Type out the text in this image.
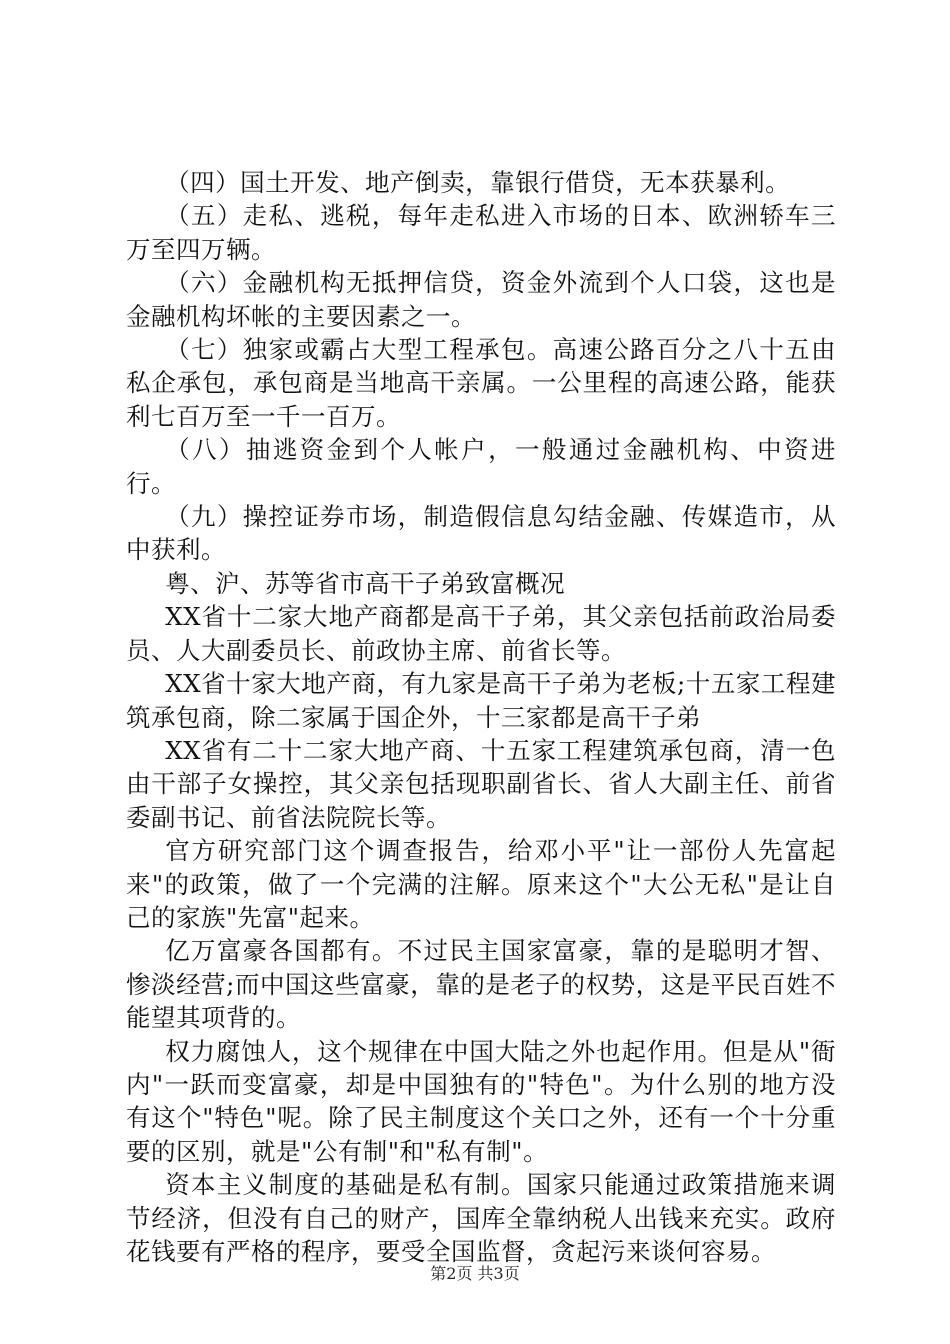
（四）国土开发、地产倒卖，靠银行借贷，无本获暴利。

（五）走私、逃税，每年走私进入市场的日本、欧洲轿车三万至四万辆。

（六）金融机构无抵押信贷，资金外流到个人口袋，这也是金融机构坏帐的主要因素之一。

（七）独家或霸占大型工程承包。高速公路百分之八十五由私企承包，承包商是当地高干亲属。一公里程的高速公路，能获利七百万至一千一百万。

（八）抽逃资金到个人帐户，一般通过金融机构、中资进行。

（九）操控证券市场，制造假信息勾结金融、传媒造市，从中获利。

粤、沪、苏等省市高干子弟致富概况

XX省十二家大地产商都是高干子弟，其父亲包括前政治局委员、人大副委员长、前政协主席、前省长等。

XX省十家大地产商，有九家是高干子弟为老板;十五家工程建筑承包商，除二家属于国企外，十三家都是高干子弟

XX省有二十二家大地产商、十五家工程建筑承包商，清一色由干部子女操控，其父亲包括现职副省长、省人大副主任、前省委副书记、前省法院院长等。

官方研究部门这个调查报告，给邓小平"让一部份人先富起来"的政策，做了一个完满的注解。原来这个"大公无私"是让自己的家族"先富"起来。

亿万富豪各国都有。不过民主国家富豪，靠的是聪明才智、惨淡经营;而中国这些富豪，靠的是老子的权势，这是平民百姓不能望其项背的。

权力腐蚀人，这个规律在中国大陆之外也起作用。但是从"衙内"一跃而变富豪，却是中国独有的"特色"。为什么别的地方没有这个"特色"呢。除了民主制度这个关口之外，还有一个十分重要的区别，就是"公有制"和"私有制"。

资本主义制度的基础是私有制。国家只能通过政策措施来调节经济，但没有自己的财产，国库全靠纳税人出钱来充实。政府花钱要有严格的程序，要受全国监督，贪起污来谈何容易。

第2页 共3页
